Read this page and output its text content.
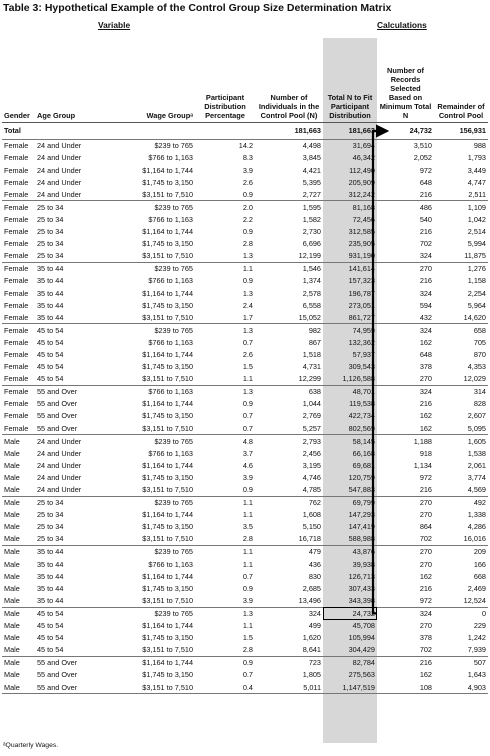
Table 3: Hypothetical Example of the Control Group Size Determination Matrix
Variable	Calculations
Gender	Age Group	Wage Groupᵃ	Participant Distribution Percentage	Number of Individuals in the Control Pool (N)	Total N to Fit Participant Distribution	Number of Records Selected Based on Minimum Total N	Remainder of Control Pool
Total				181,663	181,663	24,732	156,931
Female	24 and Under	$239 to 765	14.2	4,498	31,694	3,510	988
Female	24 and Under	$766 to 1,163	8.3	3,845	46,342	2,052	1,793
Female	24 and Under	$1,164 to 1,744	3.9	4,421	112,490	972	3,449
Female	24 and Under	$1,745 to 3,150	2.6	5,395	205,909	648	4,747
Female	24 and Under	$3,151 to 7,510	0.9	2,727	312,242	216	2,511
Female	25 to 34	$239 to 765	2.0	1,595	81,168	486	1,109
Female	25 to 34	$766 to 1,163	2.2	1,582	72,456	540	1,042
Female	25 to 34	$1,164 to 1,744	0.9	2,730	312,585	216	2,514
Female	25 to 34	$1,745 to 3,150	2.8	6,696	235,905	702	5,994
Female	25 to 34	$3,151 to 7,510	1.3	12,199	931,190	324	11,875
Female	35 to 44	$239 to 765	1.1	1,546	141,614	270	1,276
Female	35 to 44	$766 to 1,163	0.9	1,374	157,323	216	1,158
Female	35 to 44	$1,164 to 1,744	1.3	2,578	196,787	324	2,254
Female	35 to 44	$1,745 to 3,150	2.4	6,558	273,051	594	5,964
Female	35 to 44	$3,151 to 7,510	1.7	15,052	861,727	432	14,620
Female	45 to 54	$239 to 765	1.3	982	74,959	324	658
Female	45 to 54	$766 to 1,163	0.7	867	132,362	162	705
Female	45 to 54	$1,164 to 1,744	2.6	1,518	57,937	648	870
Female	45 to 54	$1,745 to 3,150	1.5	4,731	309,543	378	4,353
Female	45 to 54	$3,151 to 7,510	1.1	12,299	1,126,588	270	12,029
Female	55 and Over	$766 to 1,163	1.3	638	48,701	324	314
Female	55 and Over	$1,164 to 1,744	0.9	1,044	119,538	216	828
Female	55 and Over	$1,745 to 3,150	0.7	2,769	422,734	162	2,607
Female	55 and Over	$3,151 to 7,510	0.7	5,257	802,569	162	5,095
Male	24 and Under	$239 to 765	4.8	2,793	58,145	1,188	1,605
Male	24 and Under	$766 to 1,163	3.7	2,456	66,168	918	1,538
Male	24 and Under	$1,164 to 1,744	4.6	3,195	69,681	1,134	2,061
Male	24 and Under	$1,745 to 3,150	3.9	4,746	120,759	972	3,774
Male	24 and Under	$3,151 to 7,510	0.9	4,785	547,883	216	4,569
Male	25 to 34	$239 to 765	1.1	762	69,799	270	492
Male	25 to 34	$1,164 to 1,744	1.1	1,608	147,293	270	1,338
Male	25 to 34	$1,745 to 3,150	3.5	5,150	147,419	864	4,286
Male	25 to 34	$3,151 to 7,510	2.8	16,718	588,988	702	16,016
Male	35 to 44	$239 to 765	1.1	479	43,876	270	209
Male	35 to 44	$766 to 1,163	1.1	436	39,938	270	166
Male	35 to 44	$1,164 to 1,744	0.7	830	126,713	162	668
Male	35 to 44	$1,745 to 3,150	0.9	2,685	307,433	216	2,469
Male	35 to 44	$3,151 to 7,510	3.9	13,496	343,398	972	12,524
Male	45 to 54	$239 to 765	1.3	324	24,732	324	0
Male	45 to 54	$1,164 to 1,744	1.1	499	45,708	270	229
Male	45 to 54	$1,745 to 3,150	1.5	1,620	105,994	378	1,242
Male	45 to 54	$3,151 to 7,510	2.8	8,641	304,429	702	7,939
Male	55 and Over	$1,164 to 1,744	0.9	723	82,784	216	507
Male	55 and Over	$1,745 to 3,150	0.7	1,805	275,563	162	1,643
Male	55 and Over	$3,151 to 7,510	0.4	5,011	1,147,519	108	4,903
ᵃQuarterly Wages.
